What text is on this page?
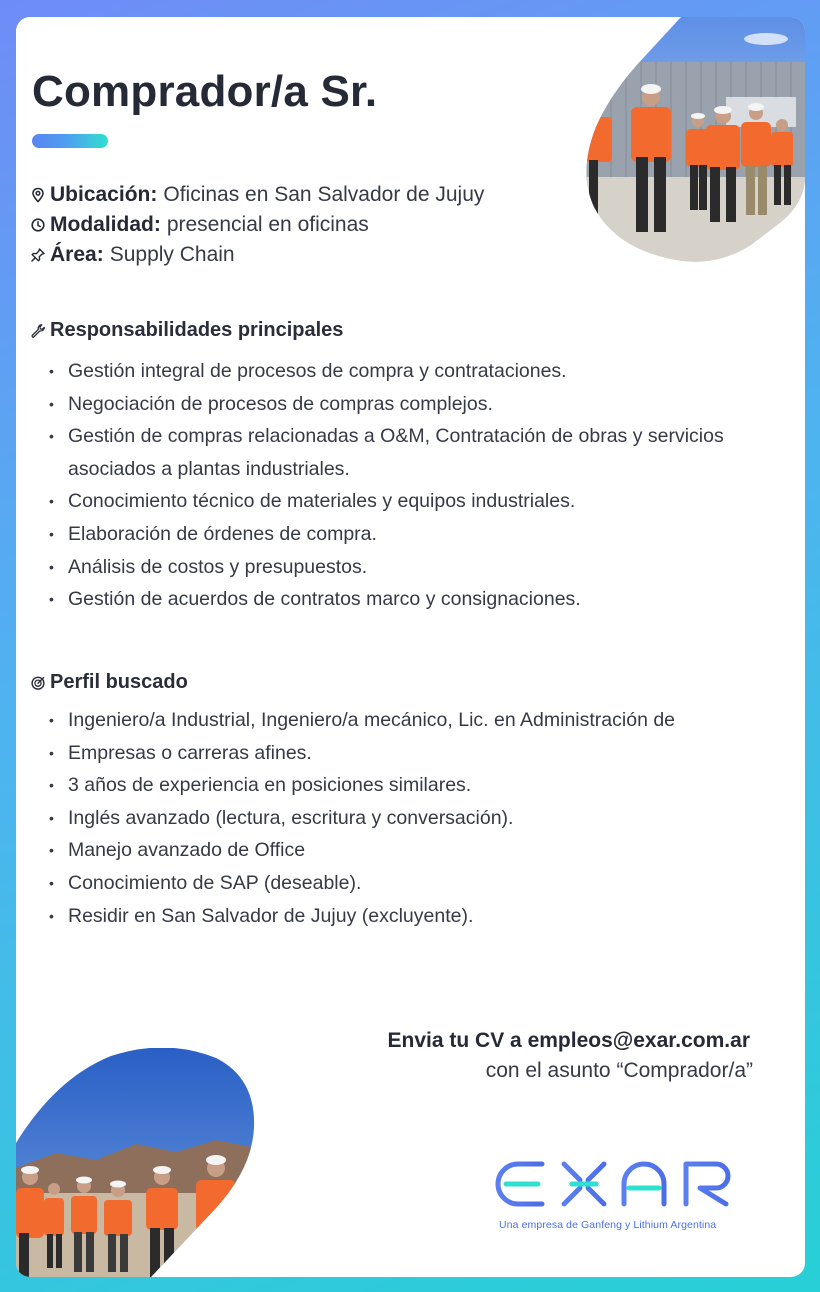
Comprador/a Sr.
Ubicación: Oficinas en San Salvador de Jujuy
Modalidad: presencial en oficinas
Área: Supply Chain
Responsabilidades principales
• Gestión integral de procesos de compra y contrataciones.
• Negociación de procesos de compras complejos.
• Gestión de compras relacionadas a O&M, Contratación de obras y servicios asociados a plantas industriales.
• Conocimiento técnico de materiales y equipos industriales.
• Elaboración de órdenes de compra.
• Análisis de costos y presupuestos.
• Gestión de acuerdos de contratos marco y consignaciones.
Perfil buscado
• Ingeniero/a Industrial, Ingeniero/a mecánico, Lic. en Administración de
• Empresas o carreras afines.
• 3 años de experiencia en posiciones similares.
• Inglés avanzado (lectura, escritura y conversación).
• Manejo avanzado de Office
• Conocimiento de SAP (deseable).
• Residir en San Salvador de Jujuy (excluyente).
Envia tu CV a empleos@exar.com.ar
con el asunto “Comprador/a”
Una empresa de Ganfeng y Lithium Argentina
